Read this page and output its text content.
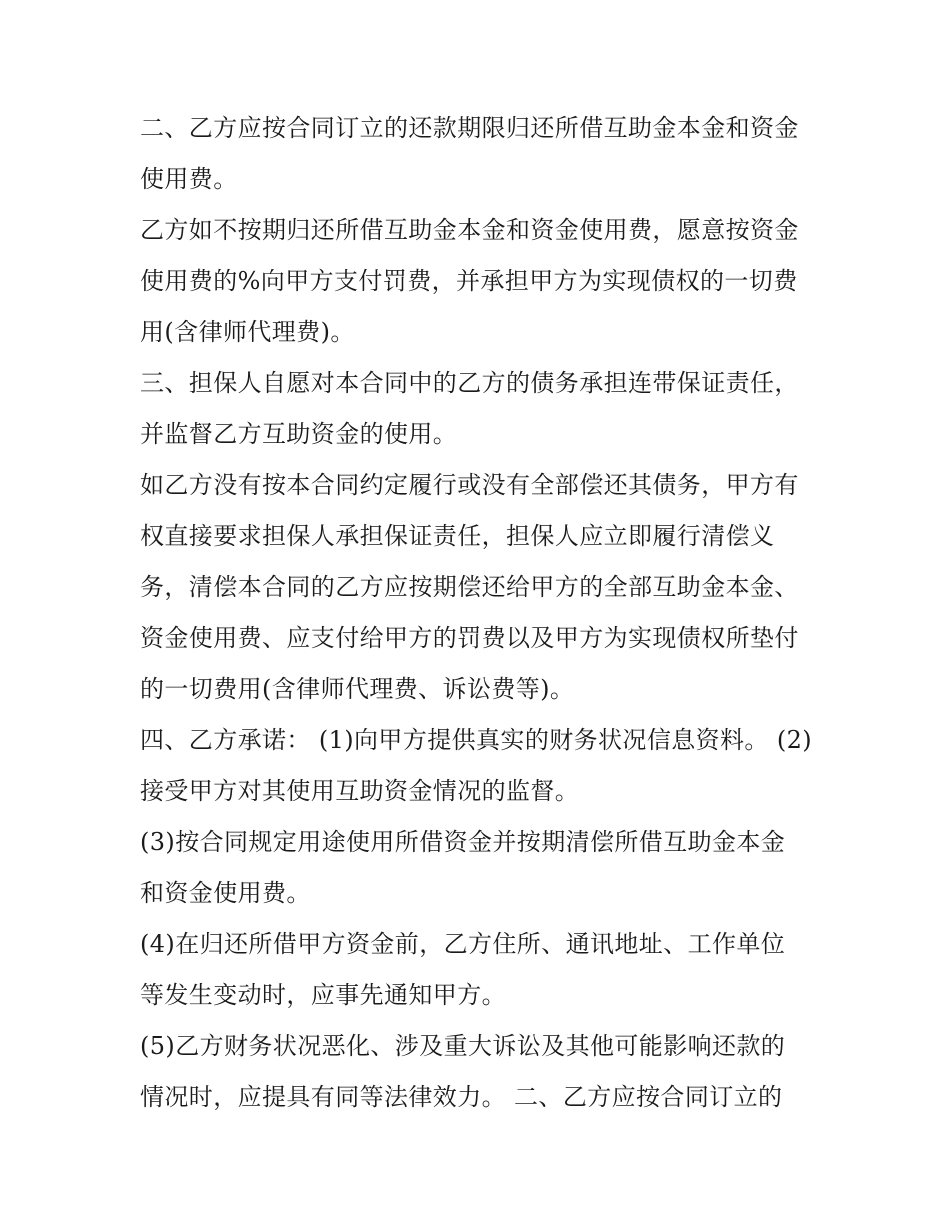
二、乙方应按合同订立的还款期限归还所借互助金本金和资金
使用费。
乙方如不按期归还所借互助金本金和资金使用费，愿意按资金
使用费的%向甲方支付罚费，并承担甲方为实现债权的一切费
用(含律师代理费)。
三、担保人自愿对本合同中的乙方的债务承担连带保证责任，
并监督乙方互助资金的使用。
如乙方没有按本合同约定履行或没有全部偿还其债务，甲方有
权直接要求担保人承担保证责任，担保人应立即履行清偿义
务，清偿本合同的乙方应按期偿还给甲方的全部互助金本金、
资金使用费、应支付给甲方的罚费以及甲方为实现债权所垫付
的一切费用(含律师代理费、诉讼费等)。
四、乙方承诺： (1)向甲方提供真实的财务状况信息资料。 (2)
接受甲方对其使用互助资金情况的监督。
(3)按合同规定用途使用所借资金并按期清偿所借互助金本金
和资金使用费。
(4)在归还所借甲方资金前，乙方住所、通讯地址、工作单位
等发生变动时，应事先通知甲方。
(5)乙方财务状况恶化、涉及重大诉讼及其他可能影响还款的
情况时，应提具有同等法律效力。 二、乙方应按合同订立的
